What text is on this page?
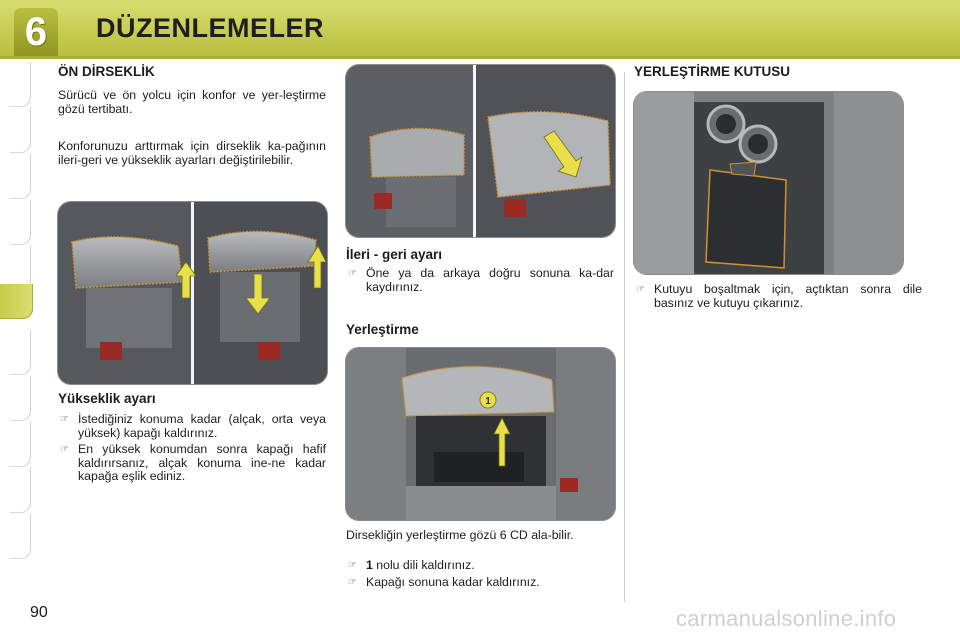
6	DÜZENLEMELER
ÖN DİRSEKLİK
Sürücü ve ön yolcu için konfor ve yer-leştirme gözü tertibatı.
Konforunuzu arttırmak için dirseklik ka-pağının ileri-geri ve yükseklik ayarları değiştirilebilir.
Yükseklik ayarı
☞ İstediğiniz konuma kadar (alçak, orta veya yüksek) kapağı kaldırınız.
☞ En yüksek konumdan sonra kapağı hafif kaldırırsanız, alçak konuma ine-ne kadar kapağa eşlik ediniz.
İleri - geri ayarı
☞ Öne ya da arkaya doğru sonuna ka-dar kaydırınız.
Yerleştirme
1
Dirsekliğin yerleştirme gözü 6 CD ala-bilir.
☞ 1 nolu dili kaldırınız.
☞ Kapağı sonuna kadar kaldırınız.
YERLEŞTİRME KUTUSU
☞ Kutuyu boşaltmak için, açtıktan sonra dile basınız ve kutuyu çıkarınız.
90	carmanualsonline.info
